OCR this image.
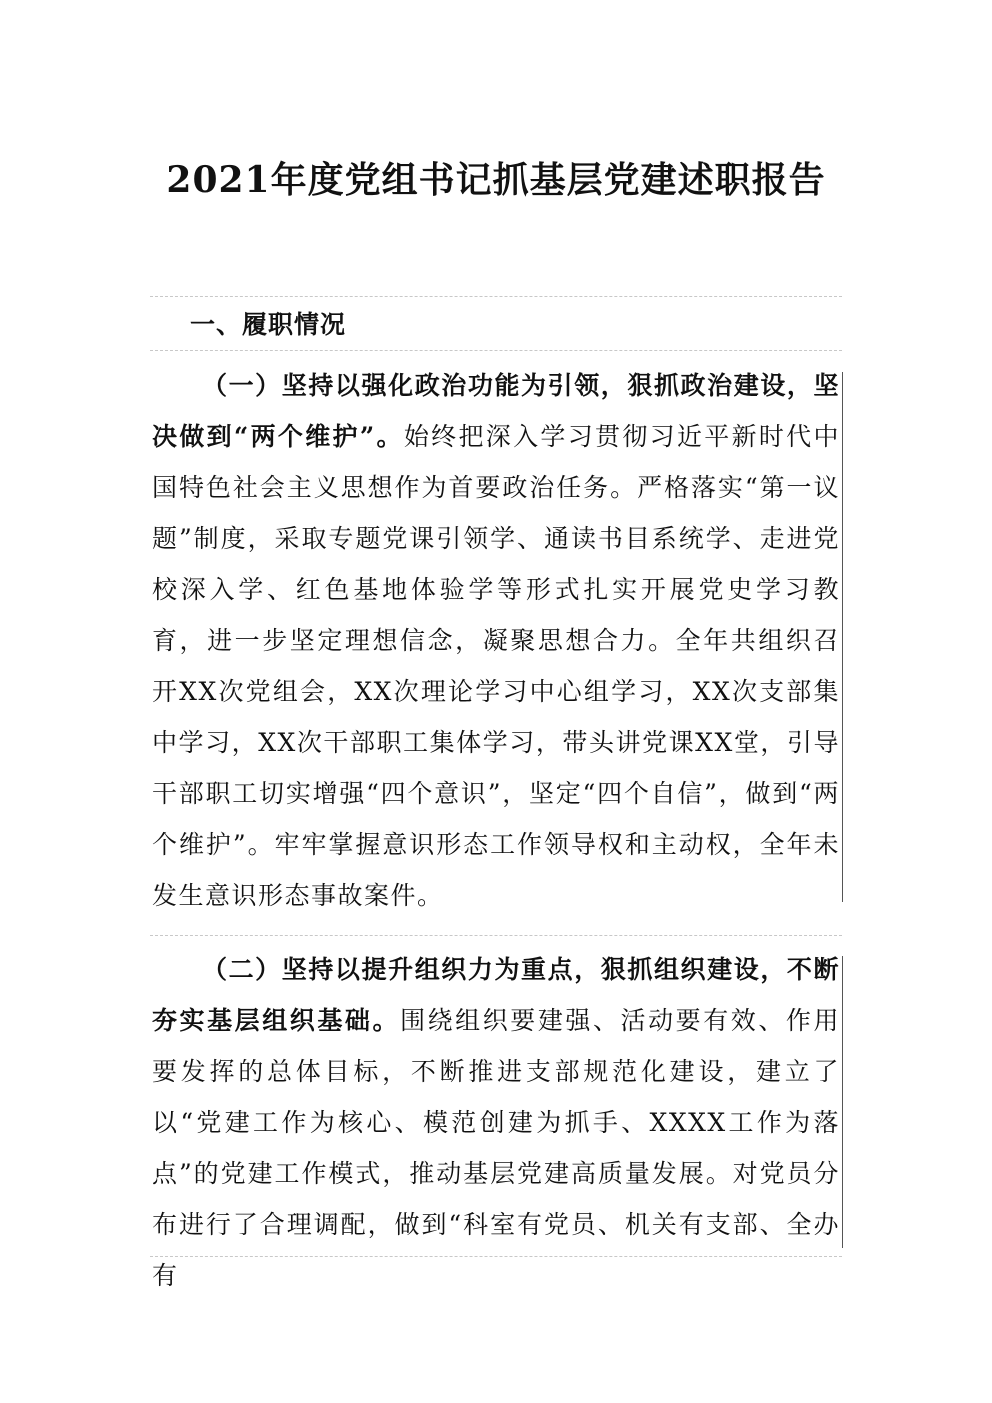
2021年度党组书记抓基层党建述职报告
一、履职情况

（一）坚持以强化政治功能为引领，狠抓政治建设，坚决做到“两个维护”。始终把深入学习贯彻习近平新时代中国特色社会主义思想作为首要政治任务。严格落实“第一议题”制度，采取专题党课引领学、通读书目系统学、走进党校深入学、红色基地体验学等形式扎实开展党史学习教育，进一步坚定理想信念，凝聚思想合力。全年共组织召开XX次党组会，XX次理论学习中心组学习，XX次支部集中学习，XX次干部职工集体学习，带头讲党课XX堂，引导干部职工切实增强“四个意识”，坚定“四个自信”，做到“两个维护”。牢牢掌握意识形态工作领导权和主动权，全年未发生意识形态事故案件。

（二）坚持以提升组织力为重点，狠抓组织建设，不断夯实基层组织基础。围绕组织要建强、活动要有效、作用要发挥的总体目标，不断推进支部规范化建设，建立了以“党建工作为核心、模范创建为抓手、XXXX工作为落点”的党建工作模式，推动基层党建高质量发展。对党员分布进行了合理调配，做到“科室有党员、机关有支部、全办有
